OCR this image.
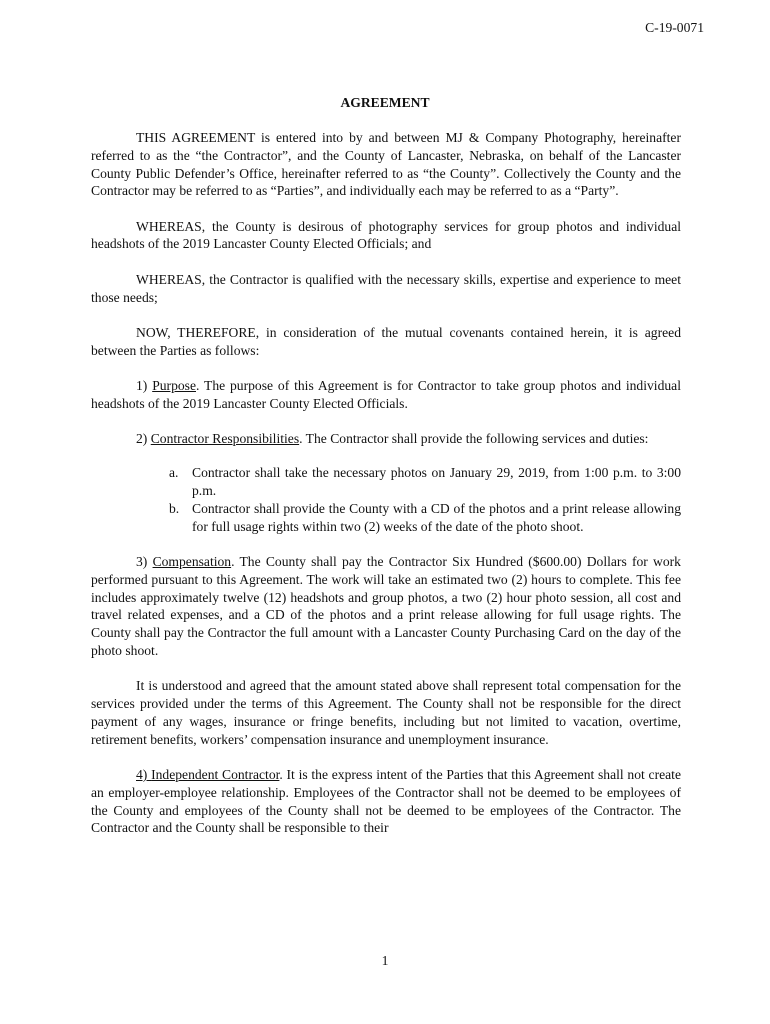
C-19-0071
AGREEMENT

THIS AGREEMENT is entered into by and between MJ & Company Photography, hereinafter referred to as the “the Contractor”, and the County of Lancaster, Nebraska, on behalf of the Lancaster County Public Defender’s Office, hereinafter referred to as “the County”. Collectively the County and the Contractor may be referred to as “Parties”, and individually each may be referred to as a “Party”.

WHEREAS, the County is desirous of photography services for group photos and individual headshots of the 2019 Lancaster County Elected Officials; and

WHEREAS, the Contractor is qualified with the necessary skills, expertise and experience to meet those needs;

NOW, THEREFORE, in consideration of the mutual covenants contained herein, it is agreed between the Parties as follows:

1) Purpose. The purpose of this Agreement is for Contractor to take group photos and individual headshots of the 2019 Lancaster County Elected Officials.

2) Contractor Responsibilities. The Contractor shall provide the following services and duties:

a. Contractor shall take the necessary photos on January 29, 2019, from 1:00 p.m. to 3:00 p.m.
b. Contractor shall provide the County with a CD of the photos and a print release allowing for full usage rights within two (2) weeks of the date of the photo shoot.

3) Compensation. The County shall pay the Contractor Six Hundred ($600.00) Dollars for work performed pursuant to this Agreement. The work will take an estimated two (2) hours to complete. This fee includes approximately twelve (12) headshots and group photos, a two (2) hour photo session, all cost and travel related expenses, and a CD of the photos and a print release allowing for full usage rights. The County shall pay the Contractor the full amount with a Lancaster County Purchasing Card on the day of the photo shoot.

It is understood and agreed that the amount stated above shall represent total compensation for the services provided under the terms of this Agreement. The County shall not be responsible for the direct payment of any wages, insurance or fringe benefits, including but not limited to vacation, overtime, retirement benefits, workers’ compensation insurance and unemployment insurance.

4) Independent Contractor. It is the express intent of the Parties that this Agreement shall not create an employer-employee relationship. Employees of the Contractor shall not be deemed to be employees of the County and employees of the County shall not be deemed to be employees of the Contractor. The Contractor and the County shall be responsible to their

1
